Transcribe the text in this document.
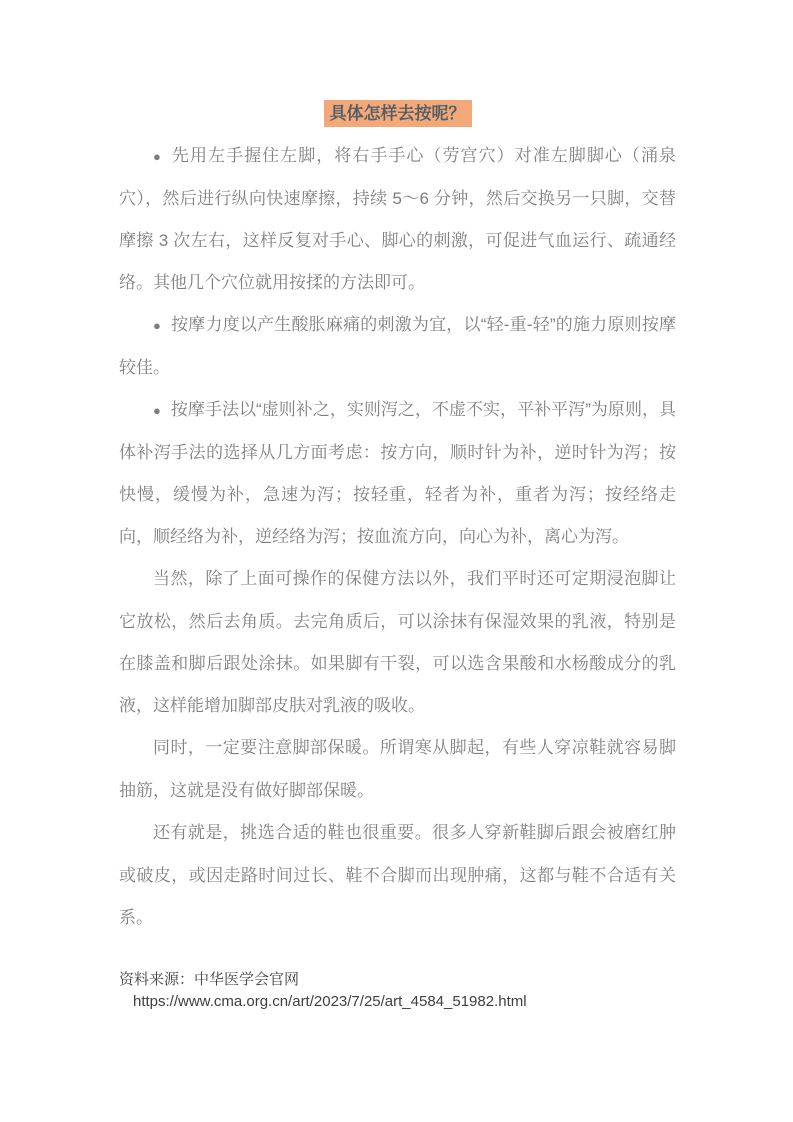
具体怎样去按呢？

● 先用左手握住左脚，将右手手心（劳宫穴）对准左脚脚心（涌泉穴），然后进行纵向快速摩擦，持续 5～6 分钟，然后交换另一只脚，交替摩擦 3 次左右，这样反复对手心、脚心的刺激，可促进气血运行、疏通经络。其他几个穴位就用按揉的方法即可。

● 按摩力度以产生酸胀麻痛的刺激为宜，以“轻-重-轻”的施力原则按摩较佳。

● 按摩手法以“虚则补之，实则泻之，不虚不实，平补平泻”为原则，具体补泻手法的选择从几方面考虑：按方向，顺时针为补，逆时针为泻；按快慢，缓慢为补，急速为泻；按轻重，轻者为补，重者为泻；按经络走向，顺经络为补，逆经络为泻；按血流方向，向心为补，离心为泻。

当然，除了上面可操作的保健方法以外，我们平时还可定期浸泡脚让它放松，然后去角质。去完角质后，可以涂抹有保湿效果的乳液，特别是在膝盖和脚后跟处涂抹。如果脚有干裂，可以选含果酸和水杨酸成分的乳液，这样能增加脚部皮肤对乳液的吸收。

同时，一定要注意脚部保暖。所谓寒从脚起，有些人穿凉鞋就容易脚抽筋，这就是没有做好脚部保暖。

还有就是，挑选合适的鞋也很重要。很多人穿新鞋脚后跟会被磨红肿或破皮，或因走路时间过长、鞋不合脚而出现肿痛，这都与鞋不合适有关系。

资料来源：中华医学会官网https://www.cma.org.cn/art/2023/7/25/art_4584_51982.html
